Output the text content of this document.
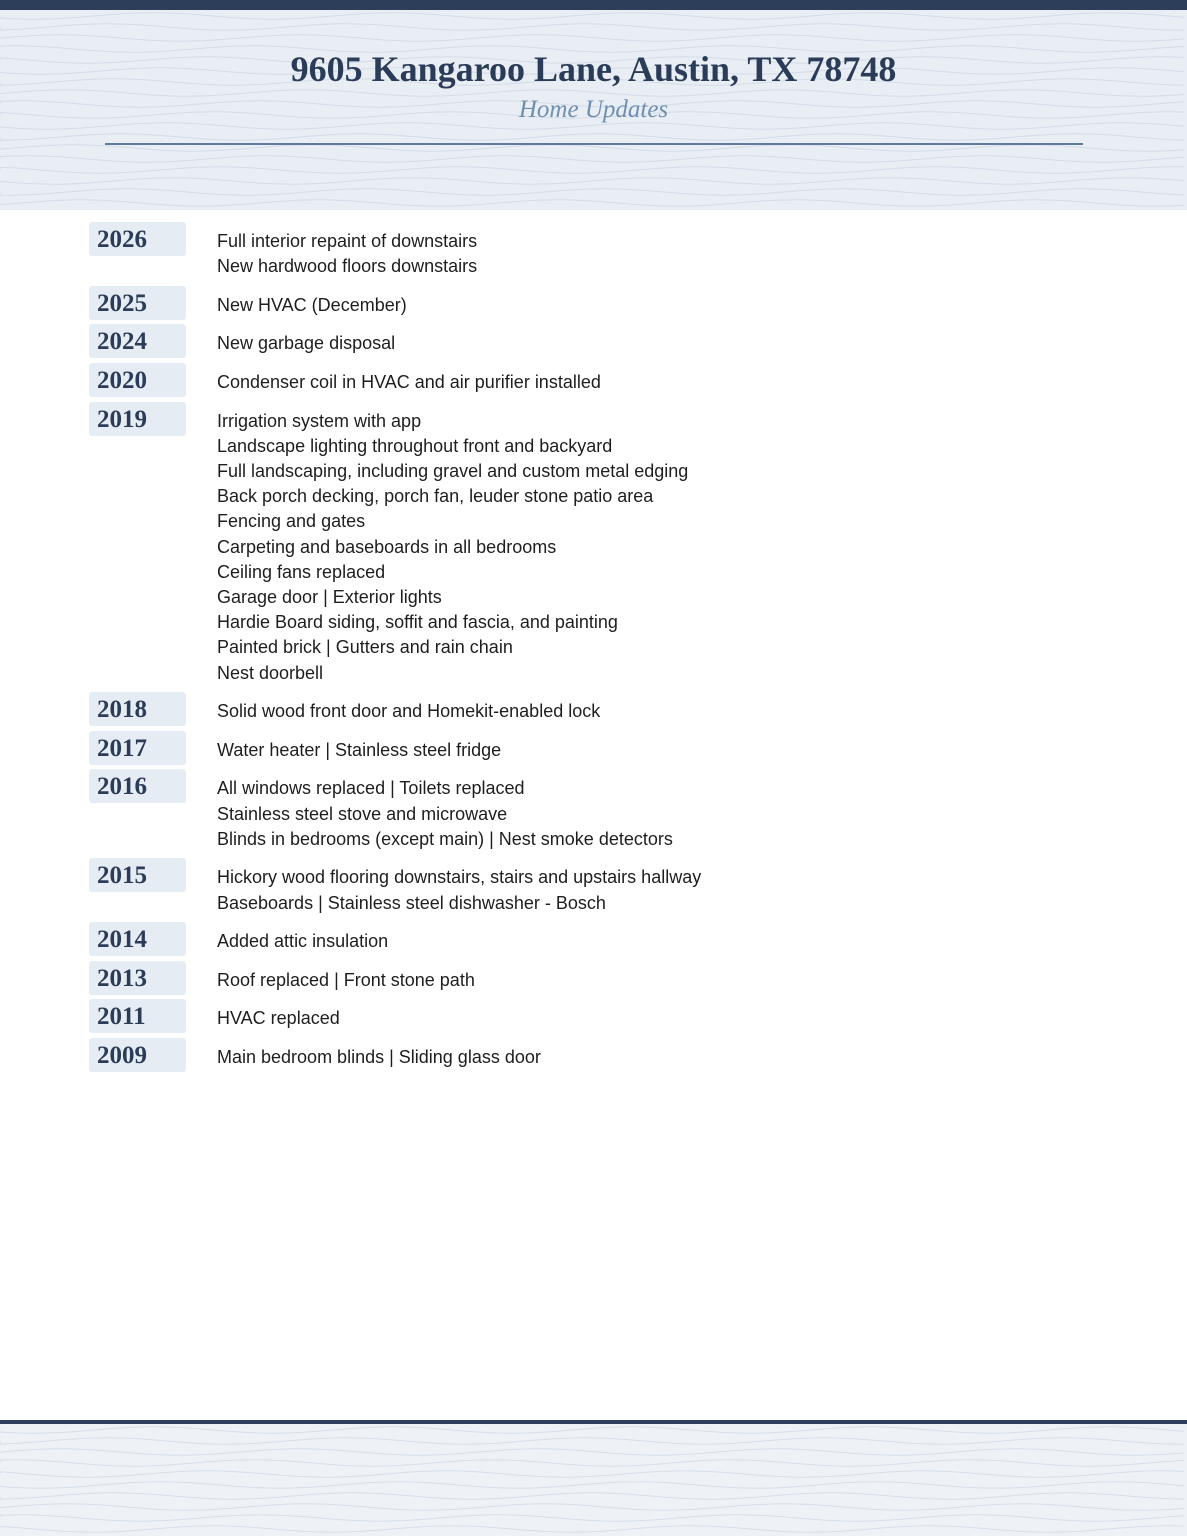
9605 Kangaroo Lane, Austin, TX 78748
Home Updates
2026	Full interior repaint of downstairs
New hardwood floors downstairs
2025	New HVAC (December)
2024	New garbage disposal
2020	Condenser coil in HVAC and air purifier installed
2019	Irrigation system with app
Landscape lighting throughout front and backyard
Full landscaping, including gravel and custom metal edging
Back porch decking, porch fan, leuder stone patio area
Fencing and gates
Carpeting and baseboards in all bedrooms
Ceiling fans replaced
Garage door | Exterior lights
Hardie Board siding, soffit and fascia, and painting
Painted brick | Gutters and rain chain
Nest doorbell
2018	Solid wood front door and Homekit-enabled lock
2017	Water heater | Stainless steel fridge
2016	All windows replaced | Toilets replaced
Stainless steel stove and microwave
Blinds in bedrooms (except main) | Nest smoke detectors
2015	Hickory wood flooring downstairs, stairs and upstairs hallway
Baseboards | Stainless steel dishwasher - Bosch
2014	Added attic insulation
2013	Roof replaced | Front stone path
2011	HVAC replaced
2009	Main bedroom blinds | Sliding glass door
